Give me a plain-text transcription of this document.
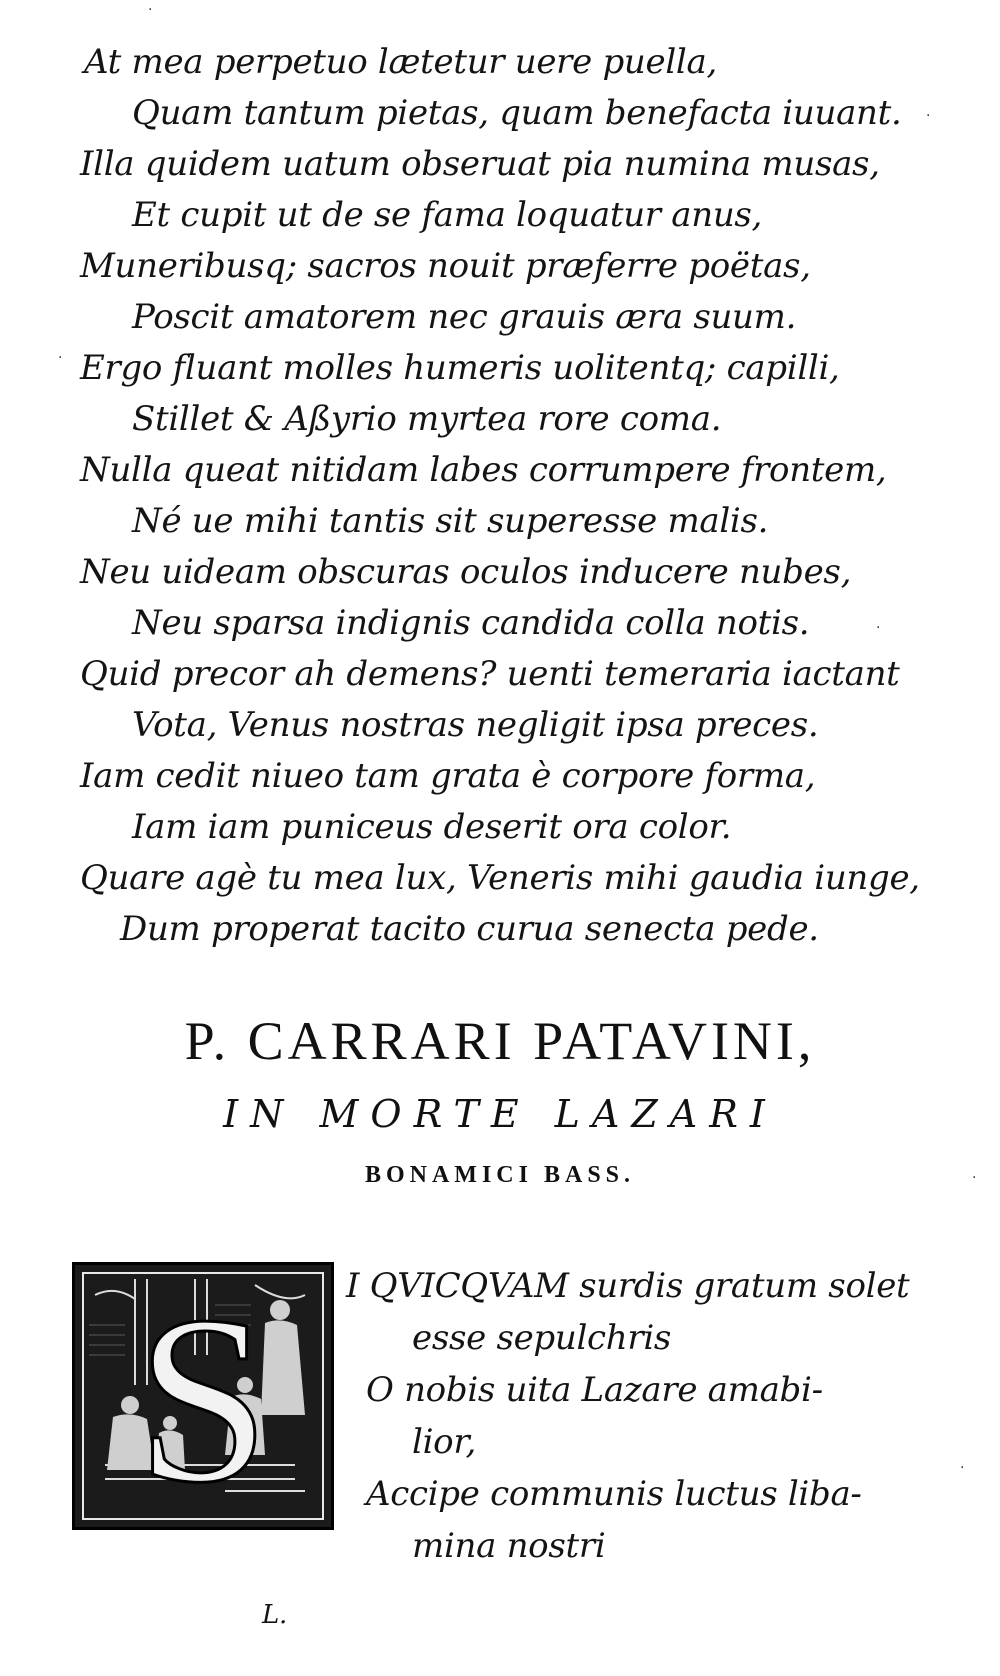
At mea perpetuo lætetur uere puella,
Quam tantum pietas, quam benefacta iuuant.
Illa quidem uatum obseruat pia numina musas,
Et cupit ut de se fama loquatur anus,
Muneribusq; sacros nouit præferre poëtas,
Poscit amatorem nec grauis æra suum.
Ergo fluant molles humeris uolitentq; capilli,
Stillet & Aßyrio myrtea rore coma.
Nulla queat nitidam labes corrumpere frontem,
Né ue mihi tantis sit superesse malis.
Neu uideam obscuras oculos inducere nubes,
Neu sparsa indignis candida colla notis.
Quid precor ah demens? uenti temeraria iactant
Vota, Venus nostras negligit ipsa preces.
Iam cedit niueo tam grata è corpore forma,
Iam iam puniceus deserit ora color.
Quare agè tu mea lux, Veneris mihi gaudia iunge,
Dum properat tacito curua senecta pede.
P. CARRARI PATAVINI,
IN MORTE LAZARI
BONAMICI BASS.
S I QVICQVAM surdis gratum solet
esse sepulchris
O nobis uita Lazare amabi-
lior,
Accipe communis luctus liba-
mina nostri
L.
·
·
·
·
·
·
